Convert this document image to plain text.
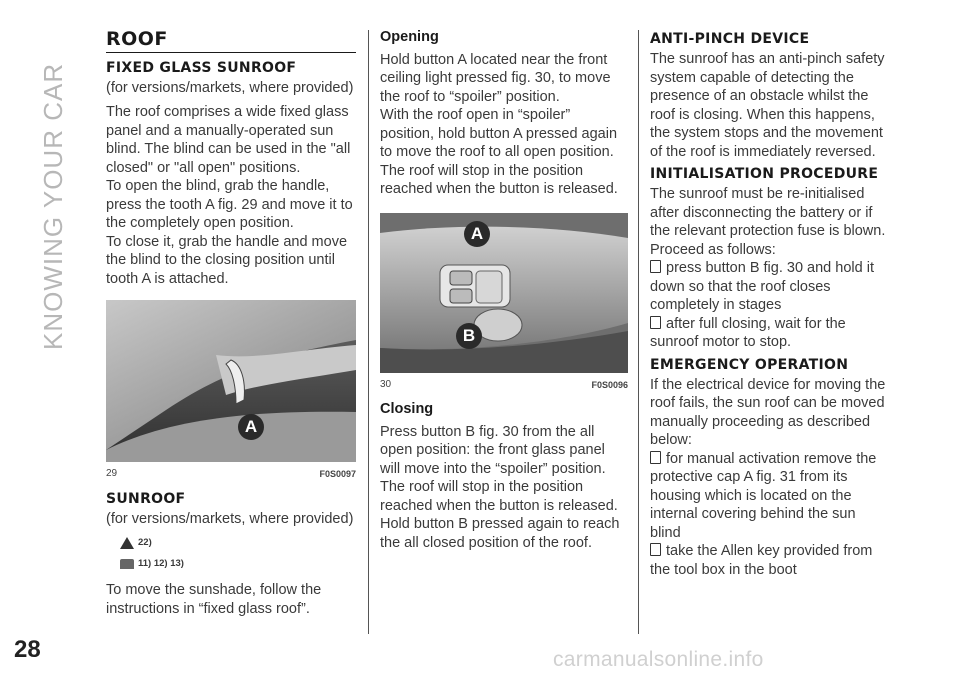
KNOWING YOUR CAR
ROOF
FIXED GLASS SUNROOF

(for versions/markets, where provided)

The roof comprises a wide fixed glass panel and a manually-operated sun blind. The blind can be used in the "all closed" or "all open" positions.
To open the blind, grab the handle, press the tooth A fig. 29 and move it to the completely open position.
To close it, grab the handle and move the blind to the closing position until tooth A is attached.

A
29	F0S0097
SUNROOF

(for versions/markets, where provided)

22)
11) 12) 13)

To move the sunshade, follow the instructions in “fixed glass roof”.

Opening

Hold button A located near the front ceiling light pressed fig. 30, to move the roof to “spoiler” position.

With the roof open in “spoiler” position, hold button A pressed again to move the roof to all open position. The roof will stop in the position reached when the button is released.

A
B
30	F0S0096
Closing

Press button B fig. 30 from the all open position: the front glass panel will move into the “spoiler” position. The roof will stop in the position reached when the button is released. Hold button B pressed again to reach the all closed position of the roof.

ANTI-PINCH DEVICE

The sunroof has an anti-pinch safety system capable of detecting the presence of an obstacle whilst the roof is closing. When this happens, the system stops and the movement of the roof is immediately reversed.

INITIALISATION PROCEDURE

The sunroof must be re-initialised after disconnecting the battery or if the relevant protection fuse is blown. Proceed as follows:

press button B fig. 30 and hold it down so that the roof closes completely in stages

after full closing, wait for the sunroof motor to stop.

EMERGENCY OPERATION

If the electrical device for moving the roof fails, the sun roof can be moved manually proceeding as described below:

for manual activation remove the protective cap A fig. 31 from its housing which is located on the internal covering behind the sun blind

take the Allen key provided from the tool box in the boot

28	carmanualsonline.info
